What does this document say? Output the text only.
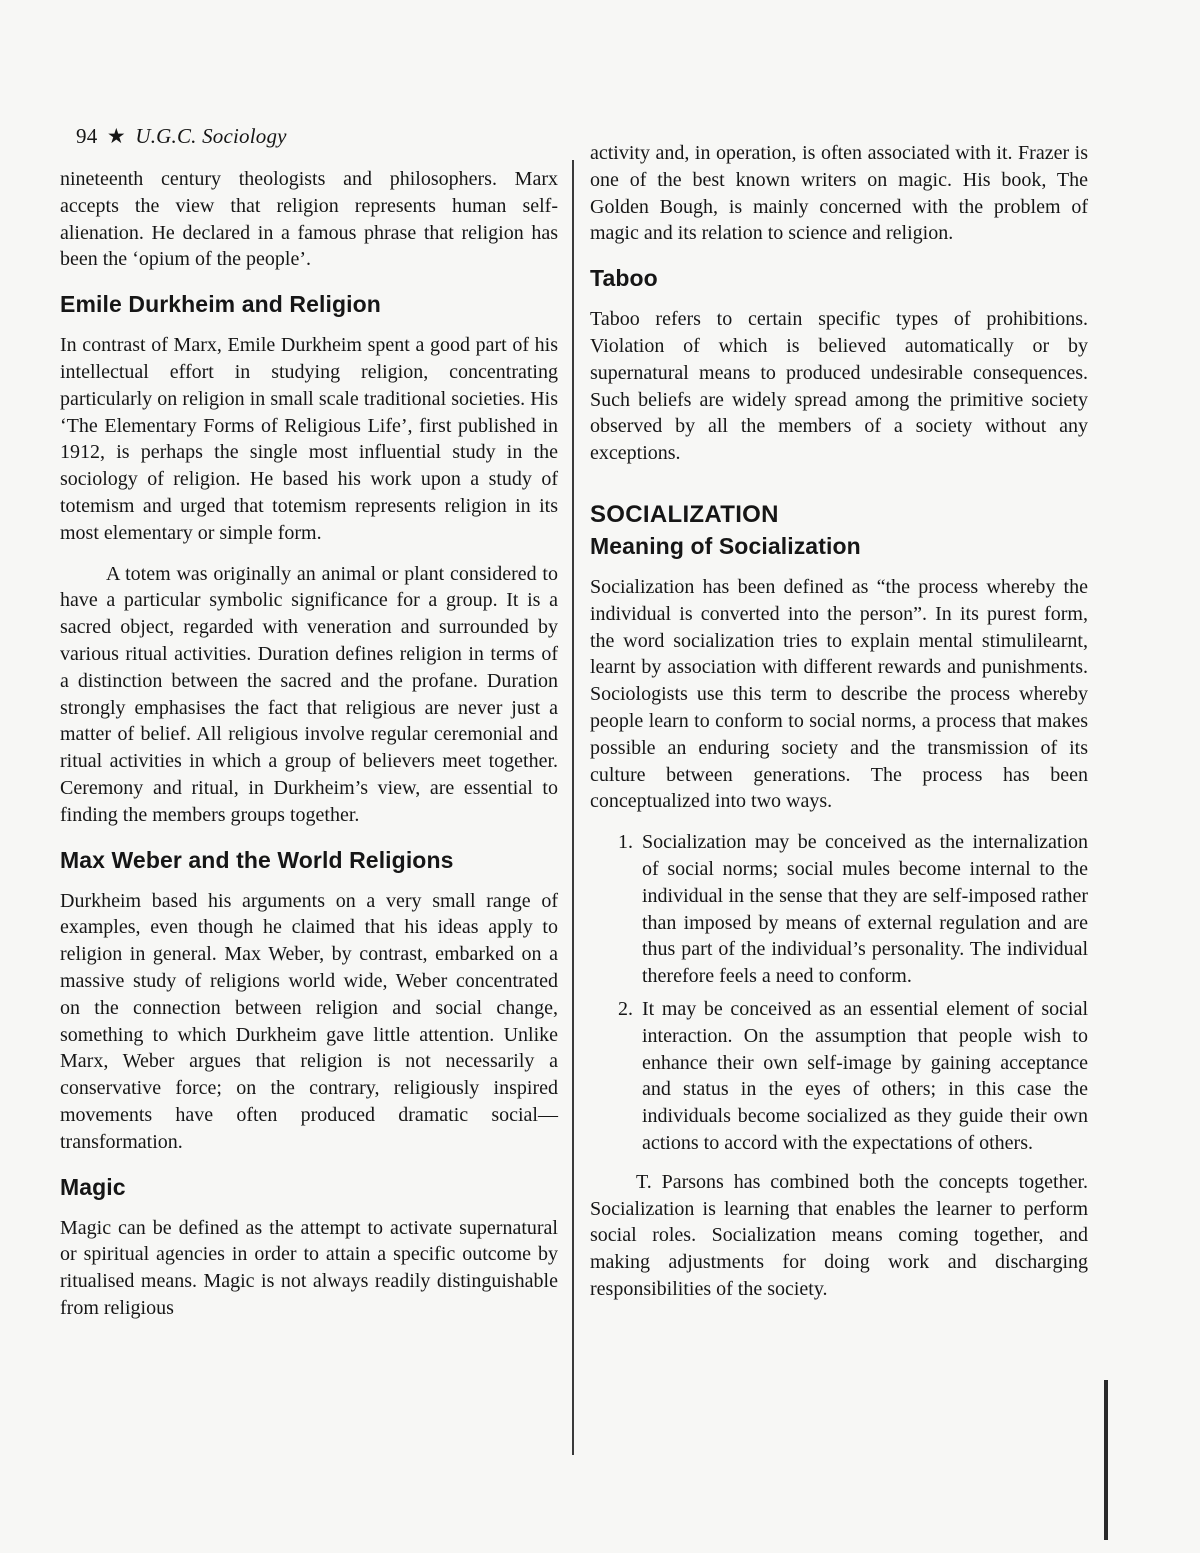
94 ★ U.G.C. Sociology

nineteenth century theologists and philosophers. Marx accepts the view that religion represents human self-alienation. He declared in a famous phrase that religion has been the ‘opium of the people’.

Emile Durkheim and Religion

In contrast of Marx, Emile Durkheim spent a good part of his intellectual effort in studying religion, concentrating particularly on religion in small scale traditional societies. His ‘The Elementary Forms of Religious Life’, first published in 1912, is perhaps the single most influential study in the sociology of religion. He based his work upon a study of totemism and urged that totemism represents religion in its most elementary or simple form.

A totem was originally an animal or plant considered to have a particular symbolic significance for a group. It is a sacred object, regarded with veneration and surrounded by various ritual activities. Duration defines religion in terms of a distinction between the sacred and the profane. Duration strongly emphasises the fact that religious are never just a matter of belief. All religious involve regular ceremonial and ritual activities in which a group of believers meet together. Ceremony and ritual, in Durkheim’s view, are essential to finding the members groups together.

Max Weber and the World Religions

Durkheim based his arguments on a very small range of examples, even though he claimed that his ideas apply to religion in general. Max Weber, by contrast, embarked on a massive study of religions world wide, Weber concentrated on the connection between religion and social change, something to which Durkheim gave little attention. Unlike Marx, Weber argues that religion is not necessarily a conservative force; on the contrary, religiously inspired movements have often produced dramatic social—transformation.

Magic

Magic can be defined as the attempt to activate supernatural or spiritual agencies in order to attain a specific outcome by ritualised means. Magic is not always readily distinguishable from religious

activity and, in operation, is often associated with it. Frazer is one of the best known writers on magic. His book, The Golden Bough, is mainly concerned with the problem of magic and its relation to science and religion.

Taboo

Taboo refers to certain specific types of prohibitions. Violation of which is believed automatically or by supernatural means to produced undesirable consequences. Such beliefs are widely spread among the primitive society observed by all the members of a society without any exceptions.

SOCIALIZATION
Meaning of Socialization

Socialization has been defined as “the process whereby the individual is converted into the person”. In its purest form, the word socialization tries to explain mental stimulilearnt, learnt by association with different rewards and punishments. Sociologists use this term to describe the process whereby people learn to conform to social norms, a process that makes possible an enduring society and the transmission of its culture between generations. The process has been conceptualized into two ways.

1. Socialization may be conceived as the internalization of social norms; social mules become internal to the individual in the sense that they are self-imposed rather than imposed by means of external regulation and are thus part of the individual’s personality. The individual therefore feels a need to conform.
2. It may be conceived as an essential element of social interaction. On the assumption that people wish to enhance their own self-image by gaining acceptance and status in the eyes of others; in this case the individuals become socialized as they guide their own actions to accord with the expectations of others.

T. Parsons has combined both the concepts together. Socialization is learning that enables the learner to perform social roles. Socialization means coming together, and making adjustments for doing work and discharging responsibilities of the society.
